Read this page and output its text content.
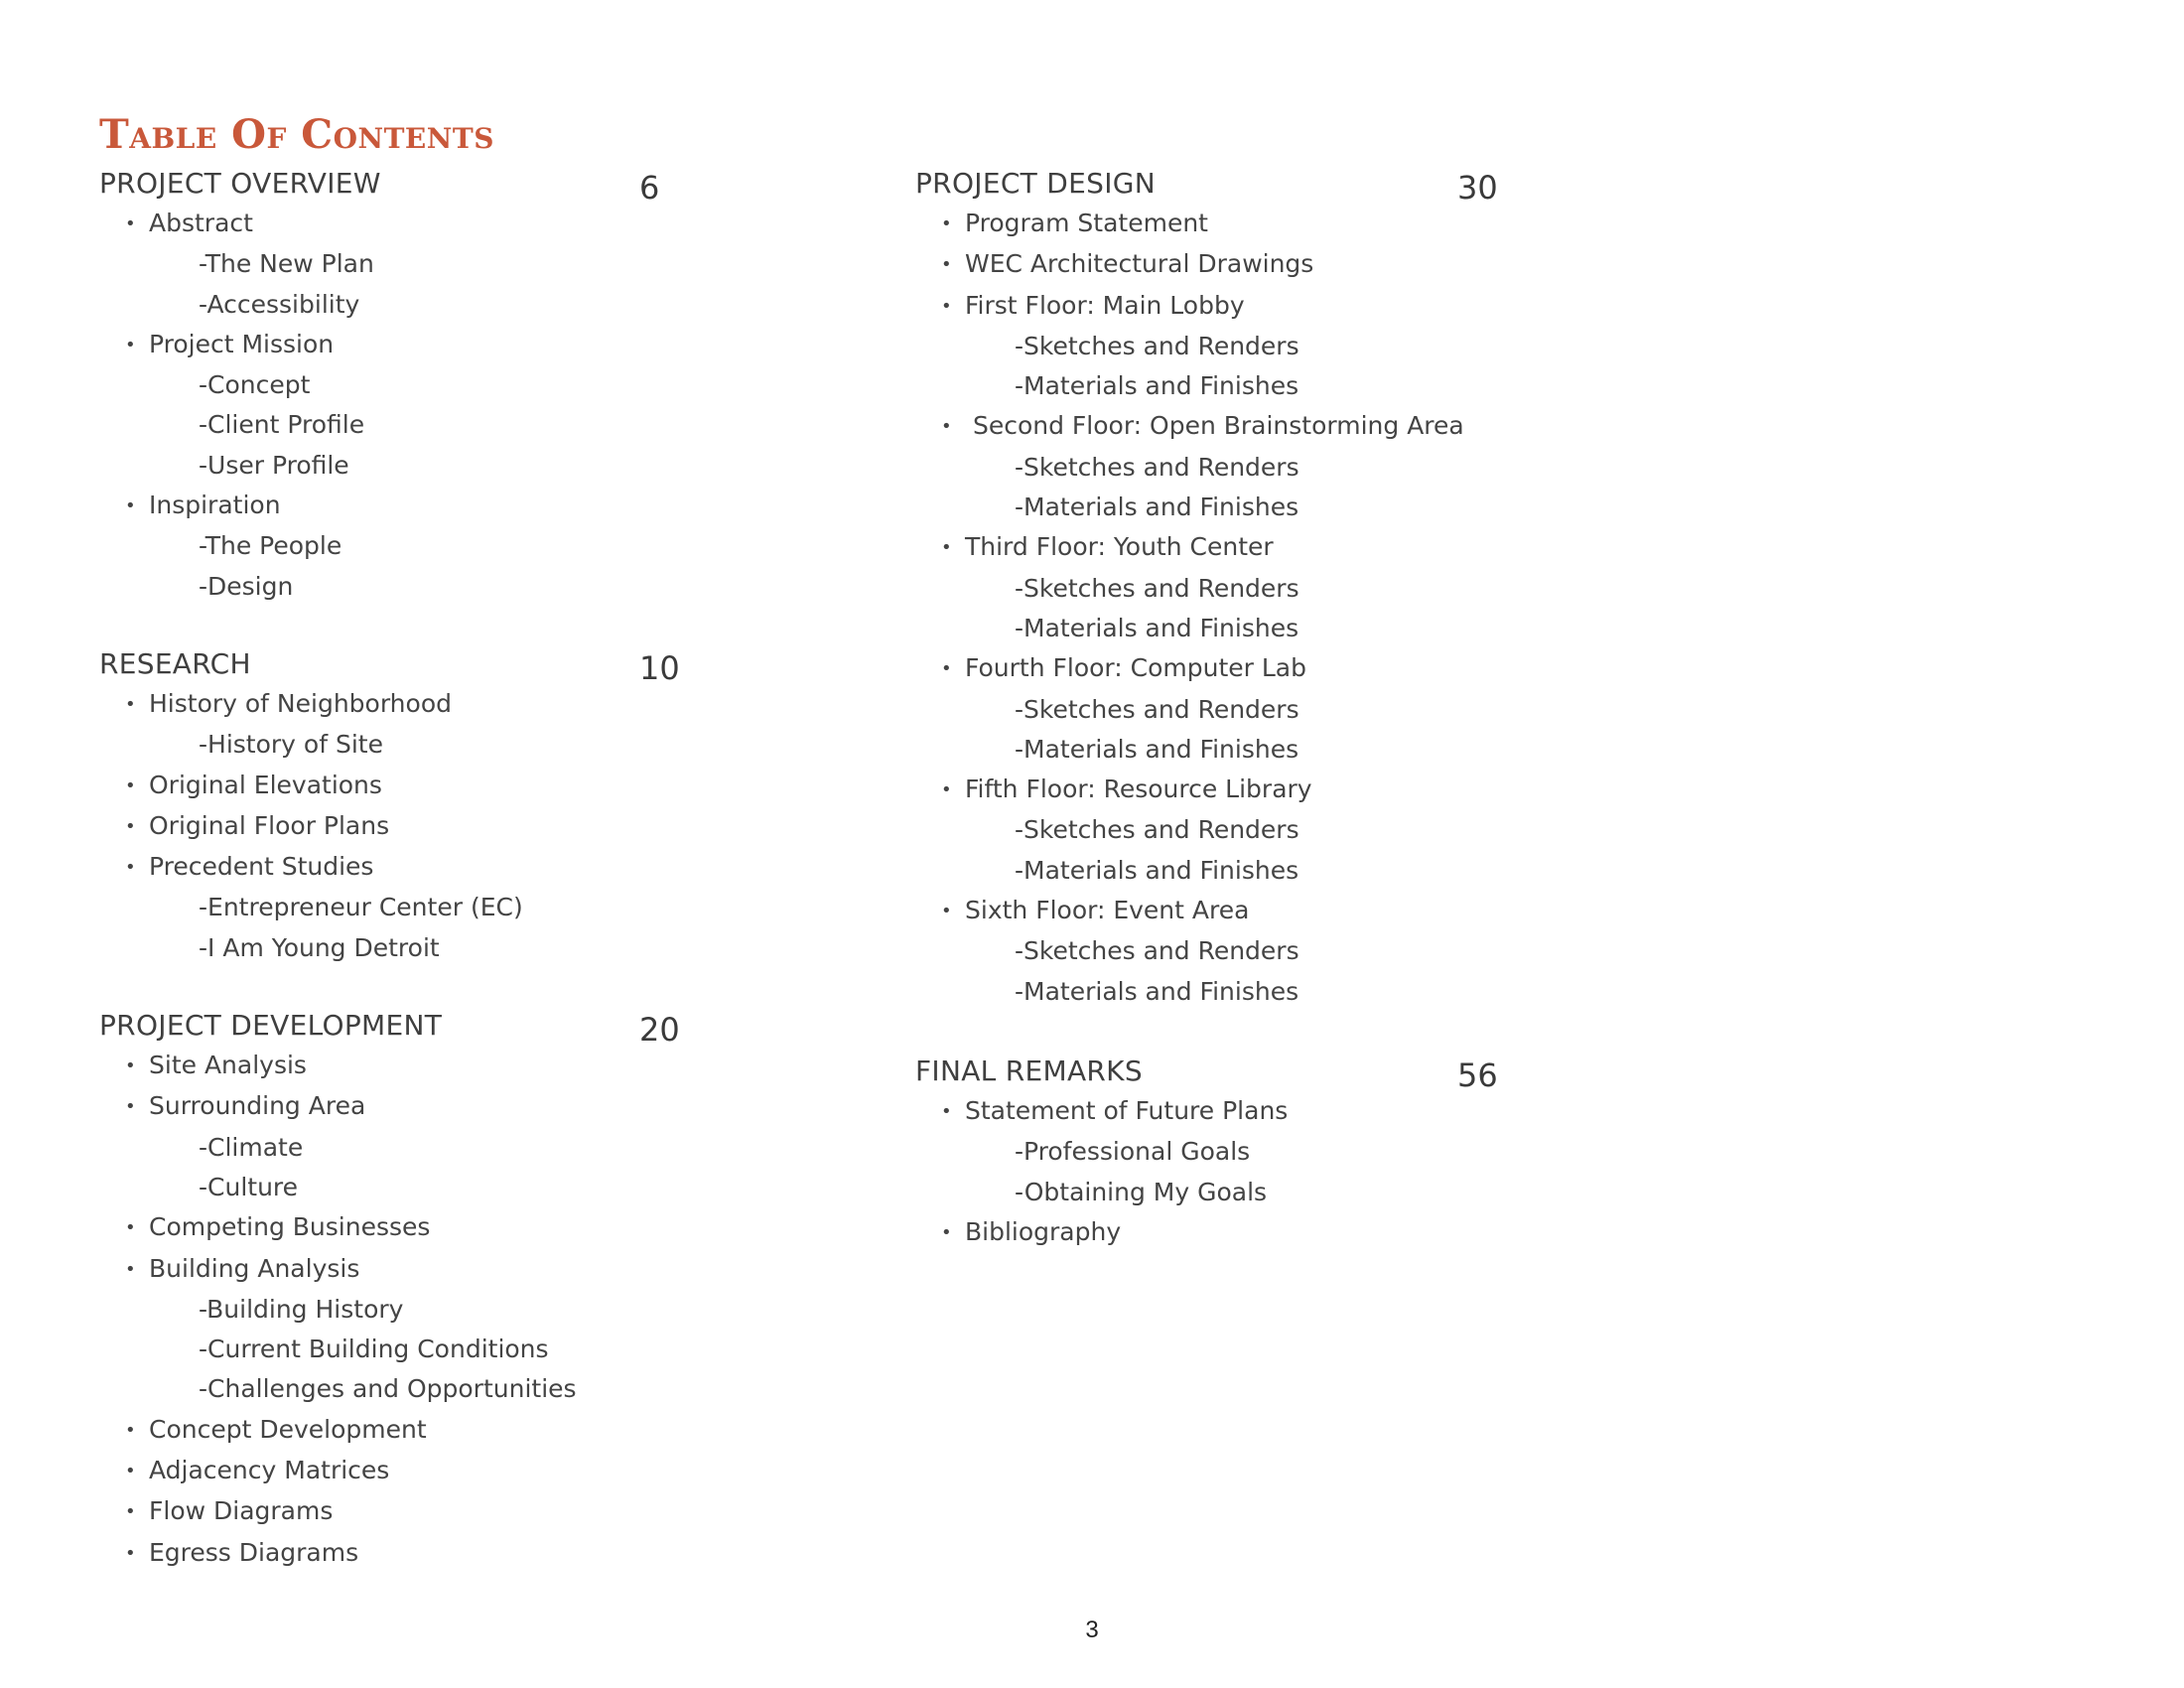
Table Of Contents
PROJECT OVERVIEW	6
• Abstract
-The New Plan
-Accessibility
• Project Mission
-Concept
-Client Profile
-User Profile
• Inspiration
-The People
-Design
RESEARCH	10
• History of Neighborhood
-History of Site
• Original Elevations
• Original Floor Plans
• Precedent Studies
-Entrepreneur Center (EC)
-I Am Young Detroit
PROJECT DEVELOPMENT	20
• Site Analysis
• Surrounding Area
-Climate
-Culture
• Competing Businesses
• Building Analysis
-Building History
-Current Building Conditions
-Challenges and Opportunities
• Concept Development
• Adjacency Matrices
• Flow Diagrams
• Egress Diagrams
PROJECT DESIGN	30
• Program Statement
• WEC Architectural Drawings
• First Floor: Main Lobby
-Sketches and Renders
-Materials and Finishes
• Second Floor: Open Brainstorming Area
-Sketches and Renders
-Materials and Finishes
• Third Floor: Youth Center
-Sketches and Renders
-Materials and Finishes
• Fourth Floor: Computer Lab
-Sketches and Renders
-Materials and Finishes
• Fifth Floor: Resource Library
-Sketches and Renders
-Materials and Finishes
• Sixth Floor: Event Area
-Sketches and Renders
-Materials and Finishes
FINAL REMARKS	56
• Statement of Future Plans
-Professional Goals
-Obtaining My Goals
• Bibliography
3
